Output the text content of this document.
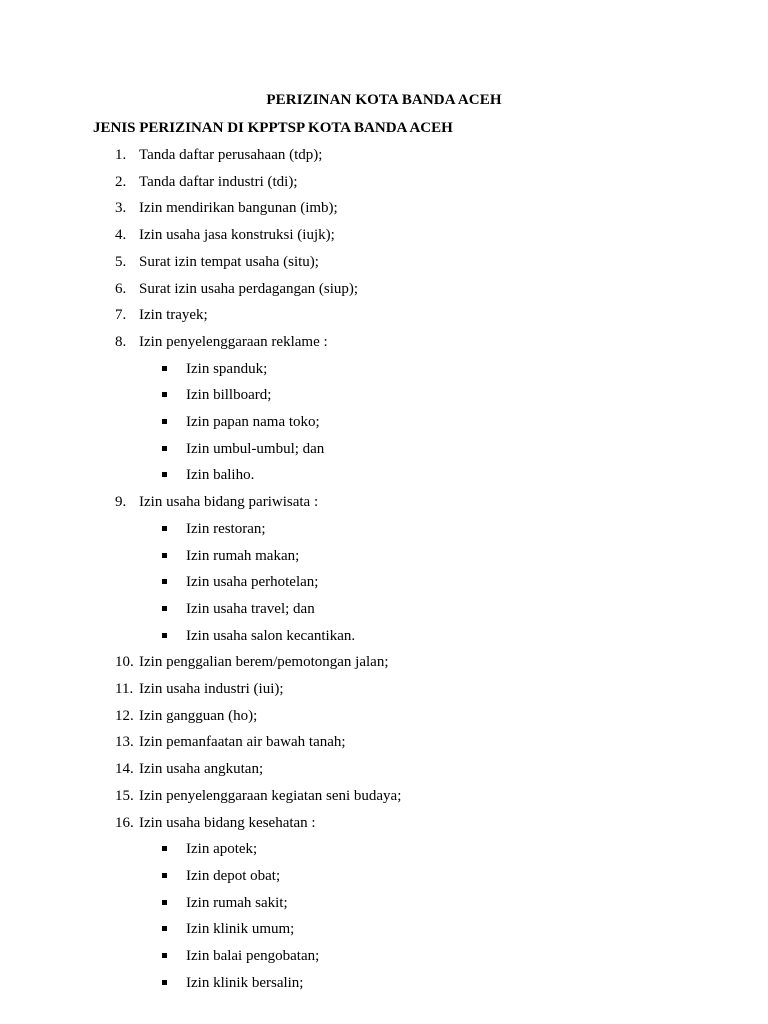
PERIZINAN KOTA BANDA ACEH
JENIS PERIZINAN DI KPPTSP KOTA BANDA ACEH
1. Tanda daftar perusahaan (tdp);
2. Tanda daftar industri (tdi);
3. Izin mendirikan bangunan (imb);
4. Izin usaha jasa konstruksi (iujk);
5. Surat izin tempat usaha (situ);
6. Surat izin usaha perdagangan (siup);
7. Izin trayek;
8. Izin penyelenggaraan reklame :
Izin spanduk;
Izin billboard;
Izin papan nama toko;
Izin umbul-umbul; dan
Izin baliho.
9. Izin usaha bidang pariwisata :
Izin restoran;
Izin rumah makan;
Izin usaha perhotelan;
Izin usaha travel; dan
Izin usaha salon kecantikan.
10. Izin penggalian berem/pemotongan jalan;
11. Izin usaha industri (iui);
12. Izin gangguan (ho);
13. Izin pemanfaatan air bawah tanah;
14. Izin usaha angkutan;
15. Izin penyelenggaraan kegiatan seni budaya;
16. Izin usaha bidang kesehatan :
Izin apotek;
Izin depot obat;
Izin rumah sakit;
Izin klinik umum;
Izin balai pengobatan;
Izin klinik bersalin;
